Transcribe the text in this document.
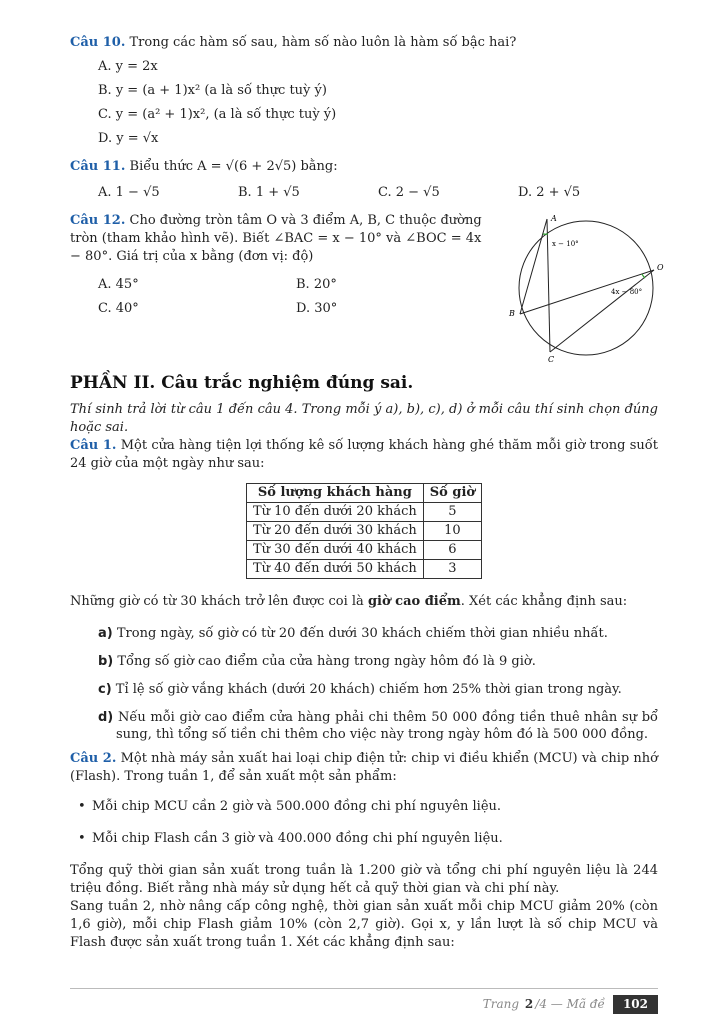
Câu 10. Trong các hàm số sau, hàm số nào luôn là hàm số bậc hai?
A. y = 2x
B. y = (a + 1)x² (a là số thực tuỳ ý)
C. y = (a² + 1)x², (a là số thực tuỳ ý)
D. y = √x
Câu 11. Biểu thức A = √(6 + 2√5) bằng:
A. 1 − √5	B. 1 + √5	C. 2 − √5	D. 2 + √5
Câu 12. Cho đường tròn tâm O và 3 điểm A, B, C thuộc đường tròn (tham khảo hình vẽ). Biết ∠BAC = x − 10° và ∠BOC = 4x − 80°. Giá trị của x bằng (đơn vị: độ)
A. 45°	B. 20°
C. 40°	D. 30°
A
B
C
O
x − 10°
4x − 80°
PHẦN II. Câu trắc nghiệm đúng sai.
Thí sinh trả lời từ câu 1 đến câu 4. Trong mỗi ý a), b), c), d) ở mỗi câu thí sinh chọn đúng hoặc sai.
Câu 1. Một cửa hàng tiện lợi thống kê số lượng khách hàng ghé thăm mỗi giờ trong suốt 24 giờ của một ngày như sau:
Số lượng khách hàng	Số giờ
Từ 10 đến dưới 20 khách	5
Từ 20 đến dưới 30 khách	10
Từ 30 đến dưới 40 khách	6
Từ 40 đến dưới 50 khách	3
Những giờ có từ 30 khách trở lên được coi là giờ cao điểm. Xét các khẳng định sau:
a) Trong ngày, số giờ có từ 20 đến dưới 30 khách chiếm thời gian nhiều nhất.
b) Tổng số giờ cao điểm của cửa hàng trong ngày hôm đó là 9 giờ.
c) Tỉ lệ số giờ vắng khách (dưới 20 khách) chiếm hơn 25% thời gian trong ngày.
d) Nếu mỗi giờ cao điểm cửa hàng phải chi thêm 50 000 đồng tiền thuê nhân sự bổ sung, thì tổng số tiền chi thêm cho việc này trong ngày hôm đó là 500 000 đồng.
Câu 2. Một nhà máy sản xuất hai loại chip điện tử: chip vi điều khiển (MCU) và chip nhớ (Flash). Trong tuần 1, để sản xuất một sản phẩm:
• Mỗi chip MCU cần 2 giờ và 500.000 đồng chi phí nguyên liệu.
• Mỗi chip Flash cần 3 giờ và 400.000 đồng chi phí nguyên liệu.
Tổng quỹ thời gian sản xuất trong tuần là 1.200 giờ và tổng chi phí nguyên liệu là 244 triệu đồng. Biết rằng nhà máy sử dụng hết cả quỹ thời gian và chi phí này.
Sang tuần 2, nhờ nâng cấp công nghệ, thời gian sản xuất mỗi chip MCU giảm 20% (còn 1,6 giờ), mỗi chip Flash giảm 10% (còn 2,7 giờ). Gọi x, y lần lượt là số chip MCU và Flash được sản xuất trong tuần 1. Xét các khẳng định sau:
Trang
2 /4
— Mã đề	102
